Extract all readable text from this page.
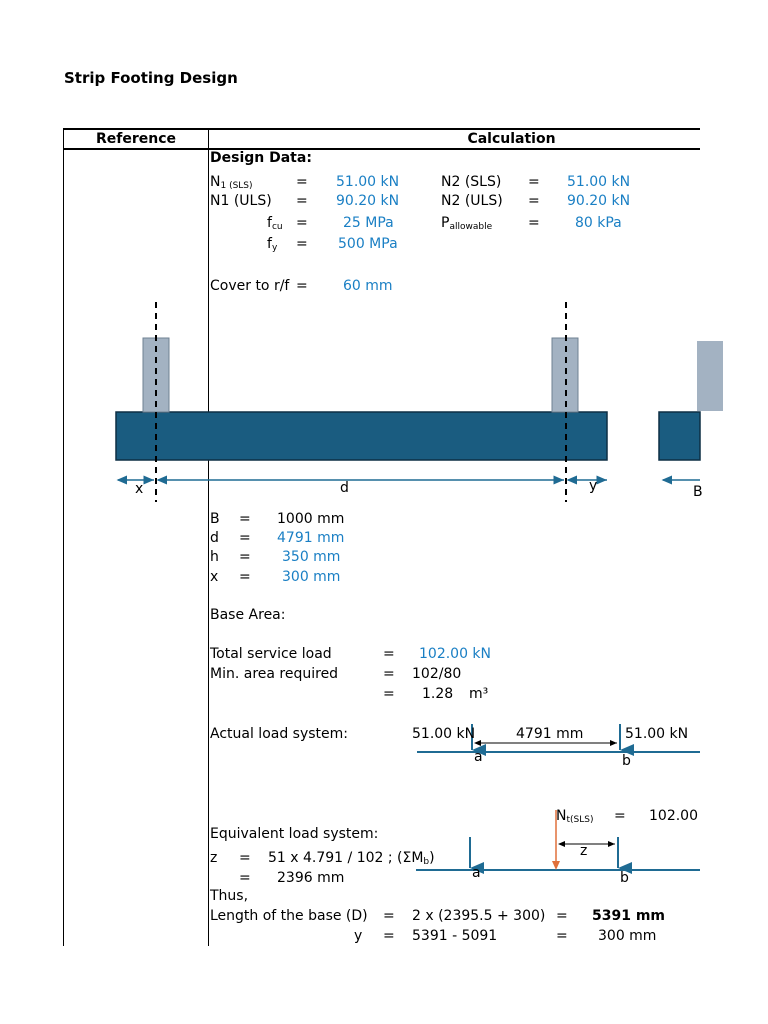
Strip Footing Design
Reference	Calculation
Design Data:
$N_{1 (SLS)}$	= 51.00 kN	N2 (SLS) = 51.00 kN
N1 (ULS) = 90.20 kN	N2 (ULS) = 90.20 kN
$f_{cu}$ =	25 MPa	$P_{allowable}$	=	80 kPa
$f_y = 500$ MPa
Cover to r/f =	60 mm
x	d	y	B
B = 1000 mm
d = 4791 mm
h = 350 mm
x = 300 mm
Base Area:
Total service load	= 102.00 kN
Min. area required	= 102/80
= 1.28 m³
Actual load system:	51.00 kN	4791 mm	51.00 kN
a	b
$N_{t(SLS)} = 102.00$
Equivalent load system:
z = 51 x 4.791 / 102 ; $(\Sigma M_b)$
= 2396 mm
z
a	b
Thus,
Length of the base (D) = 2 x (2395.5 + 300) = 5391 mm
y = 5391 - 5091	= 300 mm
